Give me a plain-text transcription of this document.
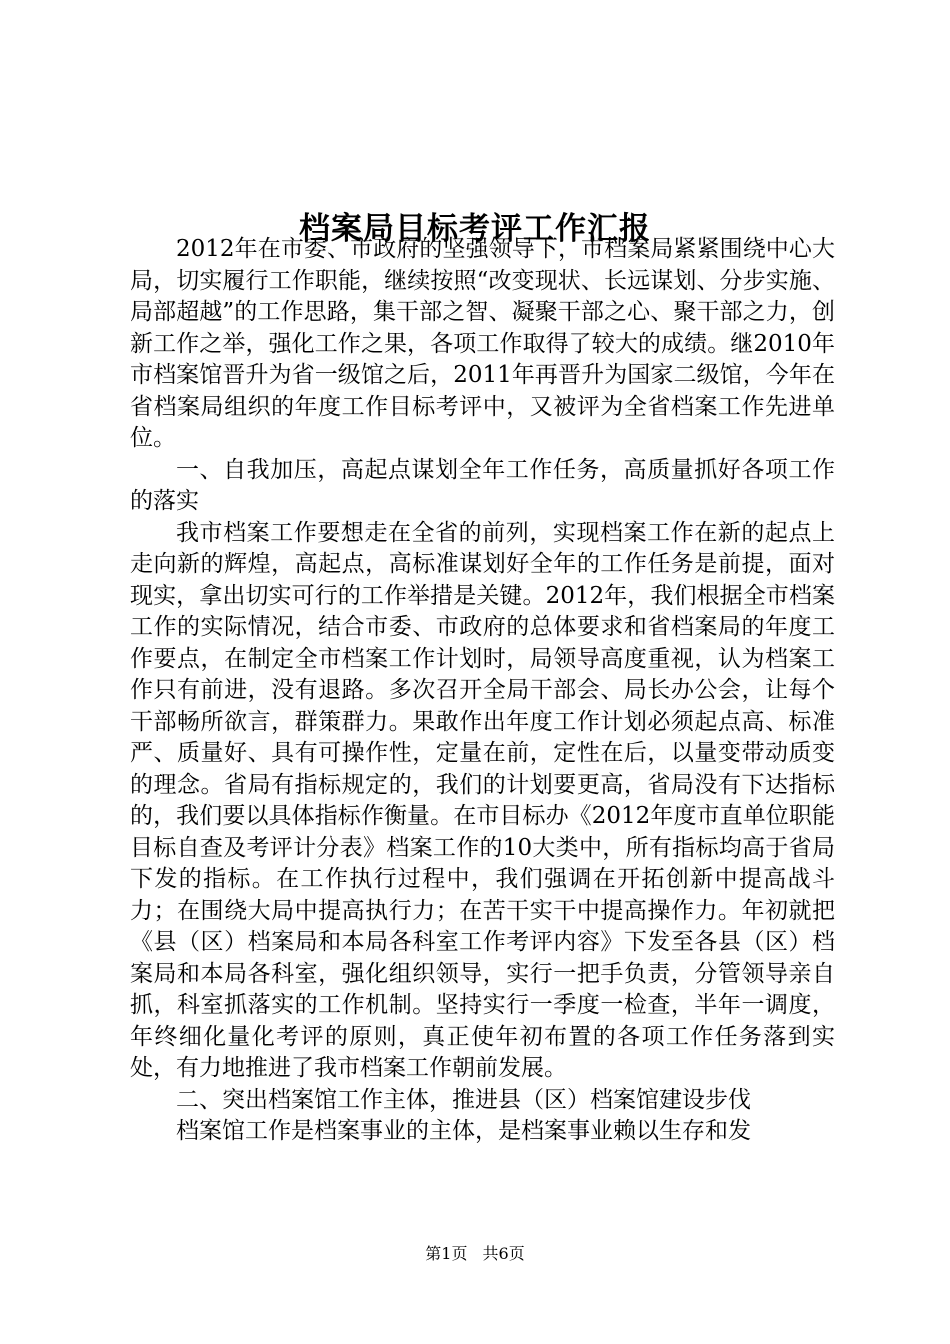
档案局目标考评工作汇报

2012年在市委、市政府的坚强领导下，市档案局紧紧围绕中心大局，切实履行工作职能，继续按照“改变现状、长远谋划、分步实施、局部超越”的工作思路，集干部之智、凝聚干部之心、聚干部之力，创新工作之举，强化工作之果，各项工作取得了较大的成绩。继2010年市档案馆晋升为省一级馆之后，2011年再晋升为国家二级馆，今年在省档案局组织的年度工作目标考评中，又被评为全省档案工作先进单位。

一、自我加压，高起点谋划全年工作任务，高质量抓好各项工作的落实

我市档案工作要想走在全省的前列，实现档案工作在新的起点上走向新的辉煌，高起点，高标准谋划好全年的工作任务是前提，面对现实，拿出切实可行的工作举措是关键。2012年，我们根据全市档案工作的实际情况，结合市委、市政府的总体要求和省档案局的年度工作要点，在制定全市档案工作计划时，局领导高度重视，认为档案工作只有前进，没有退路。多次召开全局干部会、局长办公会，让每个干部畅所欲言，群策群力。果敢作出年度工作计划必须起点高、标准严、质量好、具有可操作性，定量在前，定性在后，以量变带动质变的理念。省局有指标规定的，我们的计划要更高，省局没有下达指标的，我们要以具体指标作衡量。在市目标办《2012年度市直单位职能目标自查及考评计分表》档案工作的10大类中，所有指标均高于省局下发的指标。在工作执行过程中，我们强调在开拓创新中提高战斗力；在围绕大局中提高执行力；在苦干实干中提高操作力。年初就把《县（区）档案局和本局各科室工作考评内容》下发至各县（区）档案局和本局各科室，强化组织领导，实行一把手负责，分管领导亲自抓，科室抓落实的工作机制。坚持实行一季度一检查，半年一调度，年终细化量化考评的原则，真正使年初布置的各项工作任务落到实处，有力地推进了我市档案工作朝前发展。

二、突出档案馆工作主体，推进县（区）档案馆建设步伐

档案馆工作是档案事业的主体，是档案事业赖以生存和发

第1页 共6页
